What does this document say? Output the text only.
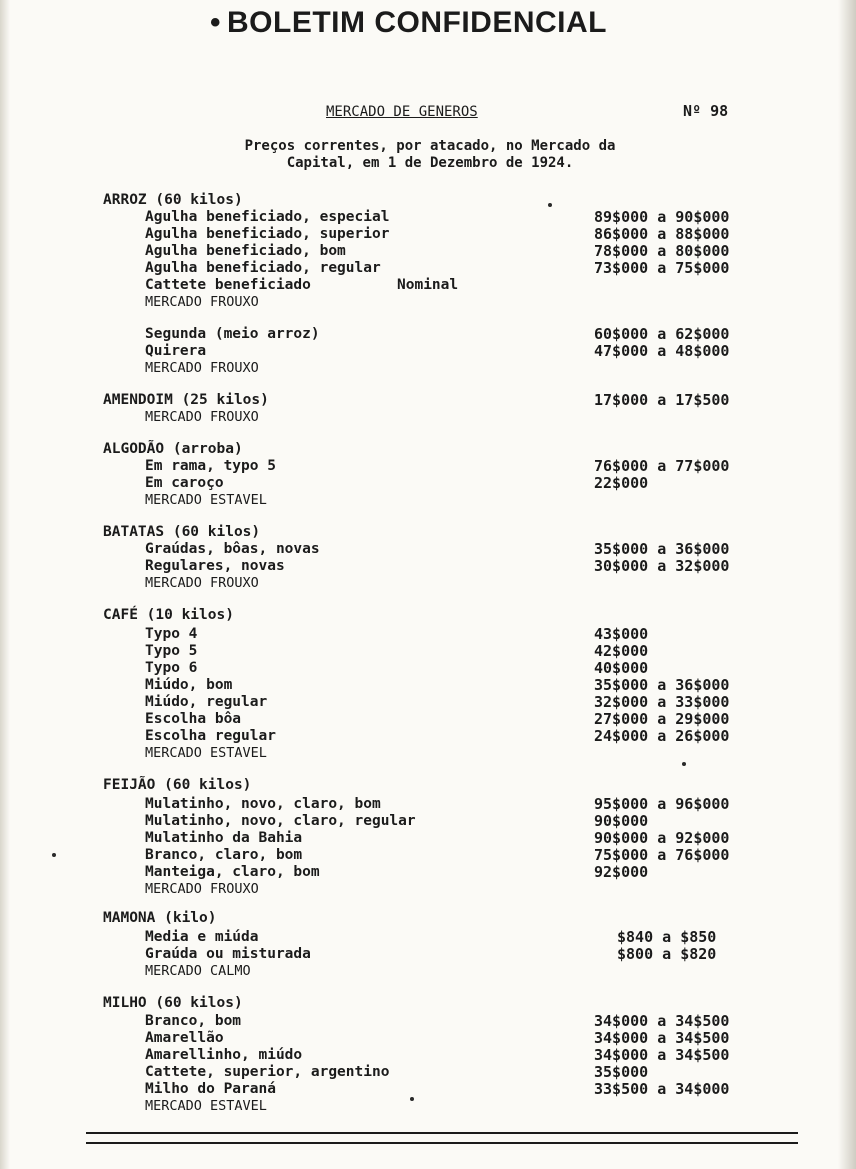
• BOLETIM CONFIDENCIAL
MERCADO DE GENEROS	Nº 98
Preços correntes, por atacado, no Mercado da
Capital, em 1 de Dezembro de 1924.
ARROZ (60 kilos)
Agulha beneficiado, especial	89$000 a 90$000
Agulha beneficiado, superior	86$000 a 88$000
Agulha beneficiado, bom	78$000 a 80$000
Agulha beneficiado, regular	73$000 a 75$000
Cattete beneficiado	Nominal
MERCADO FROUXO
Segunda (meio arroz)	60$000 a 62$000
Quirera	47$000 a 48$000
MERCADO FROUXO
AMENDOIM (25 kilos)	17$000 a 17$500
MERCADO FROUXO
ALGODÃO (arroba)
Em rama, typo 5	76$000 a 77$000
Em caroço	22$000
MERCADO ESTAVEL
BATATAS (60 kilos)
Graúdas, bôas, novas	35$000 a 36$000
Regulares, novas	30$000 a 32$000
MERCADO FROUXO
CAFÉ (10 kilos)
Typo 4	43$000
Typo 5	42$000
Typo 6	40$000
Miúdo, bom	35$000 a 36$000
Miúdo, regular	32$000 a 33$000
Escolha bôa	27$000 a 29$000
Escolha regular	24$000 a 26$000
MERCADO ESTAVEL
FEIJÃO (60 kilos)
Mulatinho, novo, claro, bom	95$000 a 96$000
Mulatinho, novo, claro, regular	90$000
Mulatinho da Bahia	90$000 a 92$000
Branco, claro, bom	75$000 a 76$000
Manteiga, claro, bom	92$000
MERCADO FROUXO
MAMONA (kilo)
Media e miúda	$840 a $850
Graúda ou misturada	$800 a $820
MERCADO CALMO
MILHO (60 kilos)
Branco, bom	34$000 a 34$500
Amarellão	34$000 a 34$500
Amarellinho, miúdo	34$000 a 34$500
Cattete, superior, argentino	35$000
Milho do Paraná	33$500 a 34$000
MERCADO ESTAVEL
